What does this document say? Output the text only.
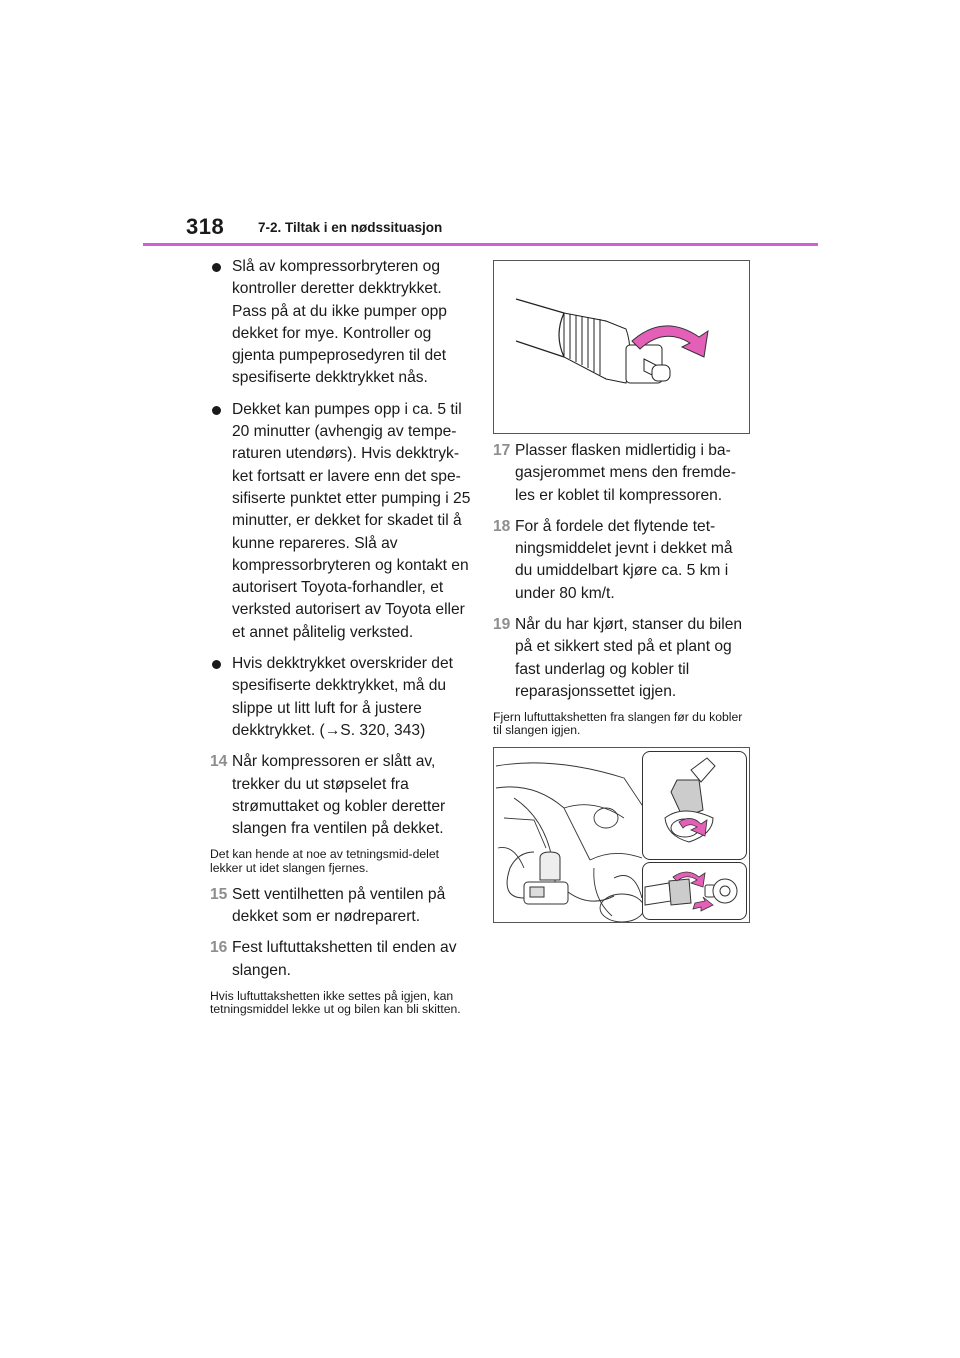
318	7-2. Tiltak i en nødssituasjon
Slå av kompressorbryteren og kontroller deretter dekktrykket. Pass på at du ikke pumper opp dekket for mye. Kontroller og gjenta pumpeprosedyren til det spesifiserte dekktrykket nås.
Dekket kan pumpes opp i ca. 5 til 20 minutter (avhengig av tempe-raturen utendørs). Hvis dekktryk-ket fortsatt er lavere enn det spe-sifiserte punktet etter pumping i 25 minutter, er dekket for skadet til å kunne repareres. Slå av kompressorbryteren og kontakt en autorisert Toyota-forhandler, et verksted autorisert av Toyota eller et annet pålitelig verksted.
Hvis dekktrykket overskrider det spesifiserte dekktrykket, må du slippe ut litt luft for å justere dekktrykket. (→S. 320, 343)
14 Når kompressoren er slått av, trekker du ut støpselet fra strømuttaket og kobler deretter slangen fra ventilen på dekket.
Det kan hende at noe av tetningsmid-delet lekker ut idet slangen fjernes.
15 Sett ventilhetten på ventilen på dekket som er nødreparert.
16 Fest luftuttakshetten til enden av slangen.
Hvis luftuttakshetten ikke settes på igjen, kan tetningsmiddel lekke ut og bilen kan bli skitten.
17 Plasser flasken midlertidig i ba-gasjerommet mens den fremde-les er koblet til kompressoren.
18 For å fordele det flytende tet-ningsmiddelet jevnt i dekket må du umiddelbart kjøre ca. 5 km i under 80 km/t.
19 Når du har kjørt, stanser du bilen på et sikkert sted på et plant og fast underlag og kobler til reparasjonssettet igjen.
Fjern luftuttakshetten fra slangen før du kobler til slangen igjen.
